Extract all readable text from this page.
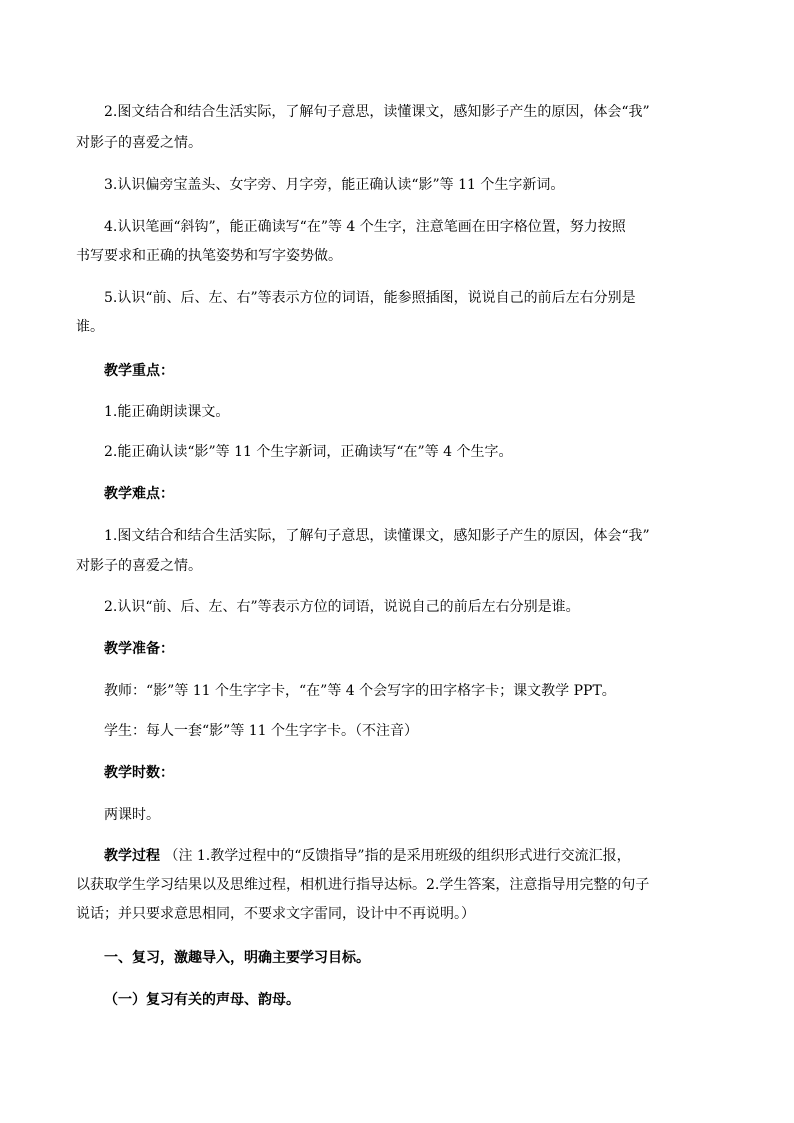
2.图文结合和结合生活实际，了解句子意思，读懂课文，感知影子产生的原因，体会“我”
对影子的喜爱之情。
3.认识偏旁宝盖头、女字旁、月字旁，能正确认读“影”等 11 个生字新词。
4.认识笔画“斜钩”，能正确读写“在”等 4 个生字，注意笔画在田字格位置，努力按照
书写要求和正确的执笔姿势和写字姿势做。
5.认识“前、后、左、右”等表示方位的词语，能参照插图，说说自己的前后左右分别是
谁。
教学重点：
1.能正确朗读课文。
2.能正确认读“影”等 11 个生字新词，正确读写“在”等 4 个生字。
教学难点：
1.图文结合和结合生活实际，了解句子意思，读懂课文，感知影子产生的原因，体会“我”
对影子的喜爱之情。
2.认识“前、后、左、右”等表示方位的词语，说说自己的前后左右分别是谁。
教学准备：
教师：“影”等 11 个生字字卡，“在”等 4 个会写字的田字格字卡；课文教学 PPT。
学生：每人一套“影”等 11 个生字字卡。（不注音）
教学时数：
两课时。
教学过程 （注 1.教学过程中的“反馈指导”指的是采用班级的组织形式进行交流汇报，
以获取学生学习结果以及思维过程，相机进行指导达标。2.学生答案，注意指导用完整的句子
说话；并只要求意思相同，不要求文字雷同，设计中不再说明。）
一、复习，激趣导入，明确主要学习目标。
（一）复习有关的声母、韵母。
